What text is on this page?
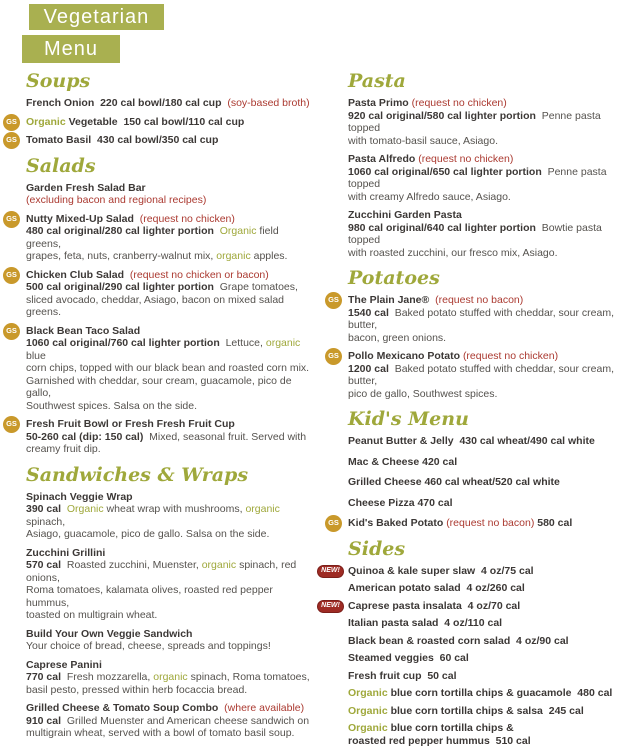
Vegetarian
Menu
Soups
French Onion  220 cal bowl/180 cal cup  (soy-based broth)
GS Organic Vegetable  150 cal bowl/110 cal cup
GS Tomato Basil  430 cal bowl/350 cal cup
Salads
Garden Fresh Salad Bar
(excluding bacon and regional recipes)
GS Nutty Mixed-Up Salad  (request no chicken)
480 cal original/280 cal lighter portion  Organic field greens,
grapes, feta, nuts, cranberry-walnut mix, organic apples.
GS Chicken Club Salad  (request no chicken or bacon)
500 cal original/290 cal lighter portion  Grape tomatoes,
sliced avocado, cheddar, Asiago, bacon on mixed salad greens.
GS Black Bean Taco Salad
1060 cal original/760 cal lighter portion  Lettuce, organic blue
corn chips, topped with our black bean and roasted corn mix.
Garnished with cheddar, sour cream, guacamole, pico de gallo,
Southwest spices. Salsa on the side.
GS Fresh Fruit Bowl or Fresh Fresh Fruit Cup
50-260 cal (dip: 150 cal)  Mixed, seasonal fruit. Served with
creamy fruit dip.
Sandwiches & Wraps
Spinach Veggie Wrap
390 cal  Organic wheat wrap with mushrooms, organic spinach,
Asiago, guacamole, pico de gallo. Salsa on the side.
Zucchini Grillini
570 cal  Roasted zucchini, Muenster, organic spinach, red onions,
Roma tomatoes, kalamata olives, roasted red pepper hummus,
toasted on multigrain wheat.
Build Your Own Veggie Sandwich
Your choice of bread, cheese, spreads and toppings!
Caprese Panini
770 cal  Fresh mozzarella, organic spinach, Roma tomatoes,
basil pesto, pressed within herb focaccia bread.
Grilled Cheese & Tomato Soup Combo  (where available)
910 cal  Grilled Muenster and American cheese sandwich on
multigrain wheat, served with a bowl of tomato basil soup.
Pasta
Pasta Primo (request no chicken)
920 cal original/580 cal lighter portion  Penne pasta topped
with tomato-basil sauce, Asiago.
Pasta Alfredo (request no chicken)
1060 cal original/650 cal lighter portion  Penne pasta topped
with creamy Alfredo sauce, Asiago.
Zucchini Garden Pasta
980 cal original/640 cal lighter portion  Bowtie pasta topped
with roasted zucchini, our fresco mix, Asiago.
Potatoes
GS The Plain Jane®  (request no bacon)
1540 cal  Baked potato stuffed with cheddar, sour cream, butter,
bacon, green onions.
GS Pollo Mexicano Potato (request no chicken)
1200 cal  Baked potato stuffed with cheddar, sour cream, butter,
pico de gallo, Southwest spices.
Kid's Menu
Peanut Butter & Jelly  430 cal wheat/490 cal white
Mac & Cheese 420 cal
Grilled Cheese 460 cal wheat/520 cal white
Cheese Pizza 470 cal
GS Kid's Baked Potato (request no bacon) 580 cal
Sides
NEW! Quinoa & kale super slaw  4 oz/75 cal
American potato salad  4 oz/260 cal
NEW! Caprese pasta insalata  4 oz/70 cal
Italian pasta salad  4 oz/110 cal
Black bean & roasted corn salad  4 oz/90 cal
Steamed veggies  60 cal
Fresh fruit cup  50 cal
Organic blue corn tortilla chips & guacamole  480 cal
Organic blue corn tortilla chips & salsa  245 cal
Organic blue corn tortilla chips &
roasted red pepper hummus  510 cal
